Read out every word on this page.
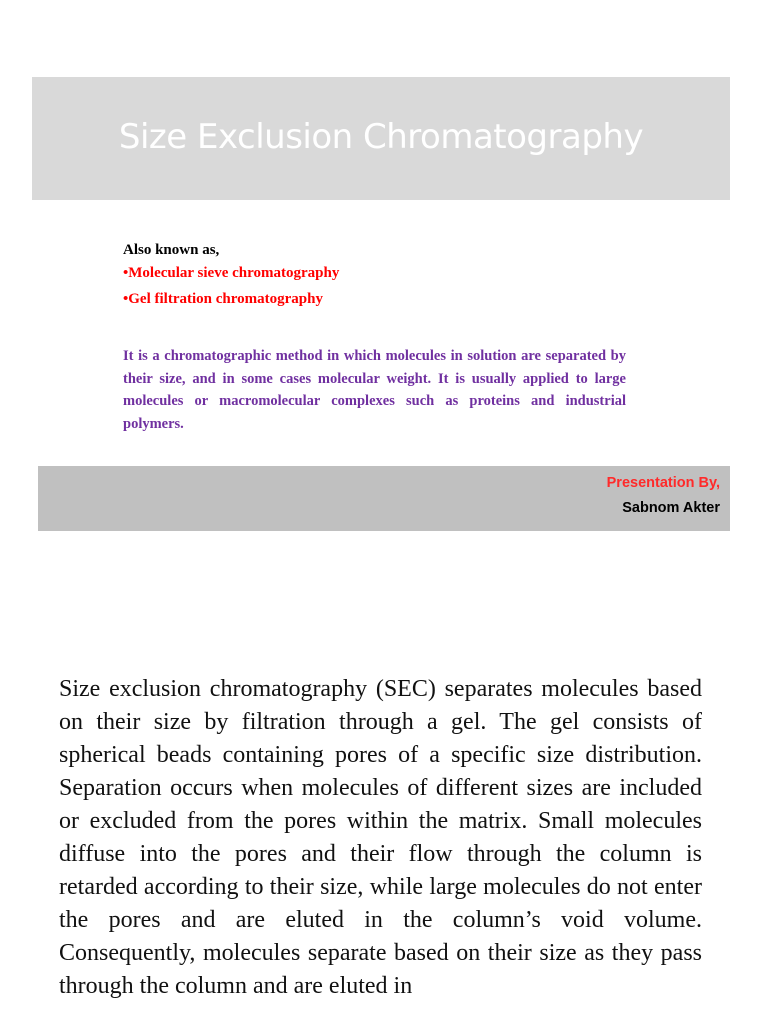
Size Exclusion Chromatography
Also known as,
• Molecular sieve chromatography
• Gel filtration chromatography

It is a chromatographic method in which molecules in solution are separated by their size, and in some cases molecular weight. It is usually applied to large molecules or macromolecular complexes such as proteins and industrial polymers.

Presentation By,
Sabnom Akter

Size exclusion chromatography (SEC) separates molecules based on their size by filtration through a gel. The gel consists of spherical beads containing pores of a specific size distribution. Separation occurs when molecules of different sizes are included or excluded from the pores within the matrix. Small molecules diffuse into the pores and their flow through the column is retarded according to their size, while large molecules do not enter the pores and are eluted in the column’s void volume. Consequently, molecules separate based on their size as they pass through the column and are eluted in
